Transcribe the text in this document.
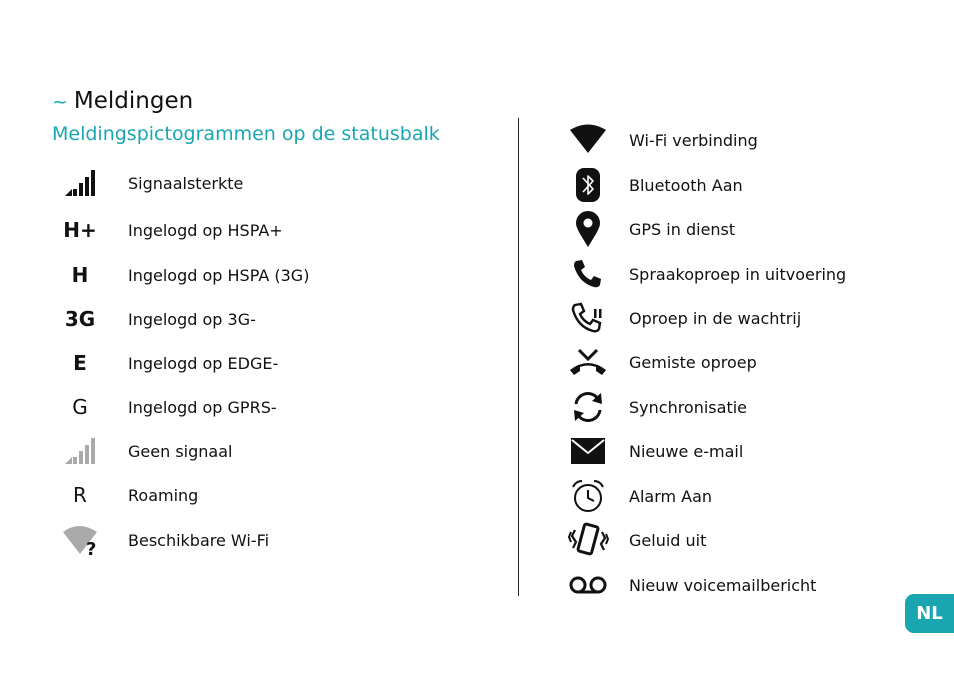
~ Meldingen
Meldingspictogrammen op de statusbalk
Signaalsterkte
H+ Ingelogd op HSPA+
H Ingelogd op HSPA (3G)
3G Ingelogd op 3G-
E	Ingelogd op EDGE-
G	Ingelogd op GPRS-
Geen signaal
R	Roaming
? Beschikbare Wi-Fi
Wi-Fi verbinding
Bluetooth Aan
GPS in dienst
Spraakoproep in uitvoering
Oproep in de wachtrij
Gemiste oproep
Synchronisatie
Nieuwe e-mail
Alarm Aan
Geluid uit
Nieuw voicemailbericht
NL
